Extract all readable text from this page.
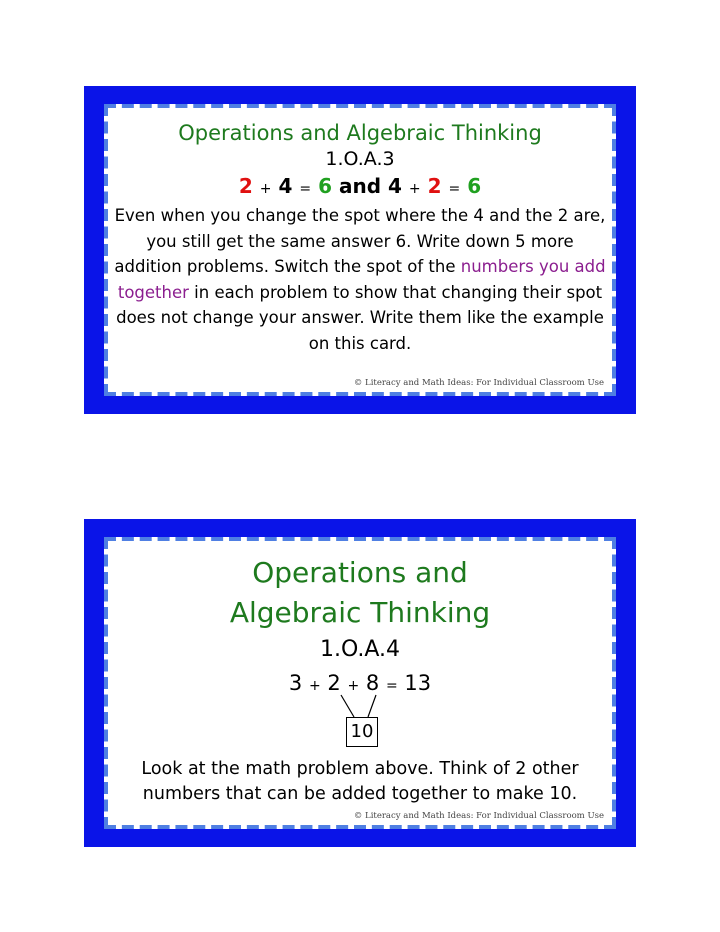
Operations and Algebraic Thinking
1.O.A.3
2 + 4 = 6 and 4 + 2 = 6
Even when you change the spot where the 4 and the 2 are, you still get the same answer 6. Write down 5 more addition problems. Switch the spot of the numbers you add together in each problem to show that changing their spot does not change your answer. Write them like the example on this card.
© Literacy and Math Ideas: For Individual Classroom Use
Operations and
Algebraic Thinking
1.O.A.4
3 + 2 + 8 = 13
10
Look at the math problem above. Think of 2 other numbers that can be added together to make 10.
© Literacy and Math Ideas: For Individual Classroom Use
